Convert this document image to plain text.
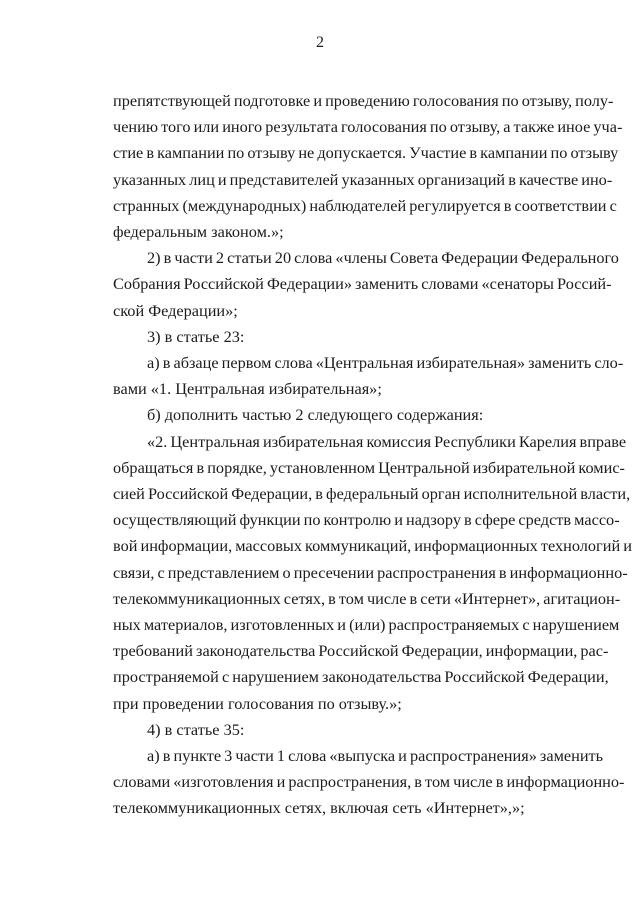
2
препятствующей подготовке и проведению голосования по отзыву, полу-
чению того или иного результата голосования по отзыву, а также иное уча-
стие в кампании по отзыву не допускается. Участие в кампании по отзыву
указанных лиц и представителей указанных организаций в качестве ино-
странных (международных) наблюдателей регулируется в соответствии с
федеральным законом.»;
2) в части 2 статьи 20 слова «члены Совета Федерации Федерального
Собрания Российской Федерации» заменить словами «сенаторы Россий-
ской Федерации»;
3) в статье 23:
а) в абзаце первом слова «Центральная избирательная» заменить сло-
вами «1. Центральная избирательная»;
б) дополнить частью 2 следующего содержания:
«2. Центральная избирательная комиссия Республики Карелия вправе
обращаться в порядке, установленном Центральной избирательной комис-
сией Российской Федерации, в федеральный орган исполнительной власти,
осуществляющий функции по контролю и надзору в сфере средств массо-
вой информации, массовых коммуникаций, информационных технологий и
связи, с представлением о пресечении распространения в информационно-
телекоммуникационных сетях, в том числе в сети «Интернет», агитацион-
ных материалов, изготовленных и (или) распространяемых с нарушением
требований законодательства Российской Федерации, информации, рас-
пространяемой с нарушением законодательства Российской Федерации,
при проведении голосования по отзыву.»;
4) в статье 35:
а) в пункте 3 части 1 слова «выпуска и распространения» заменить
словами «изготовления и распространения, в том числе в информационно-
телекоммуникационных сетях, включая сеть «Интернет»,»;
